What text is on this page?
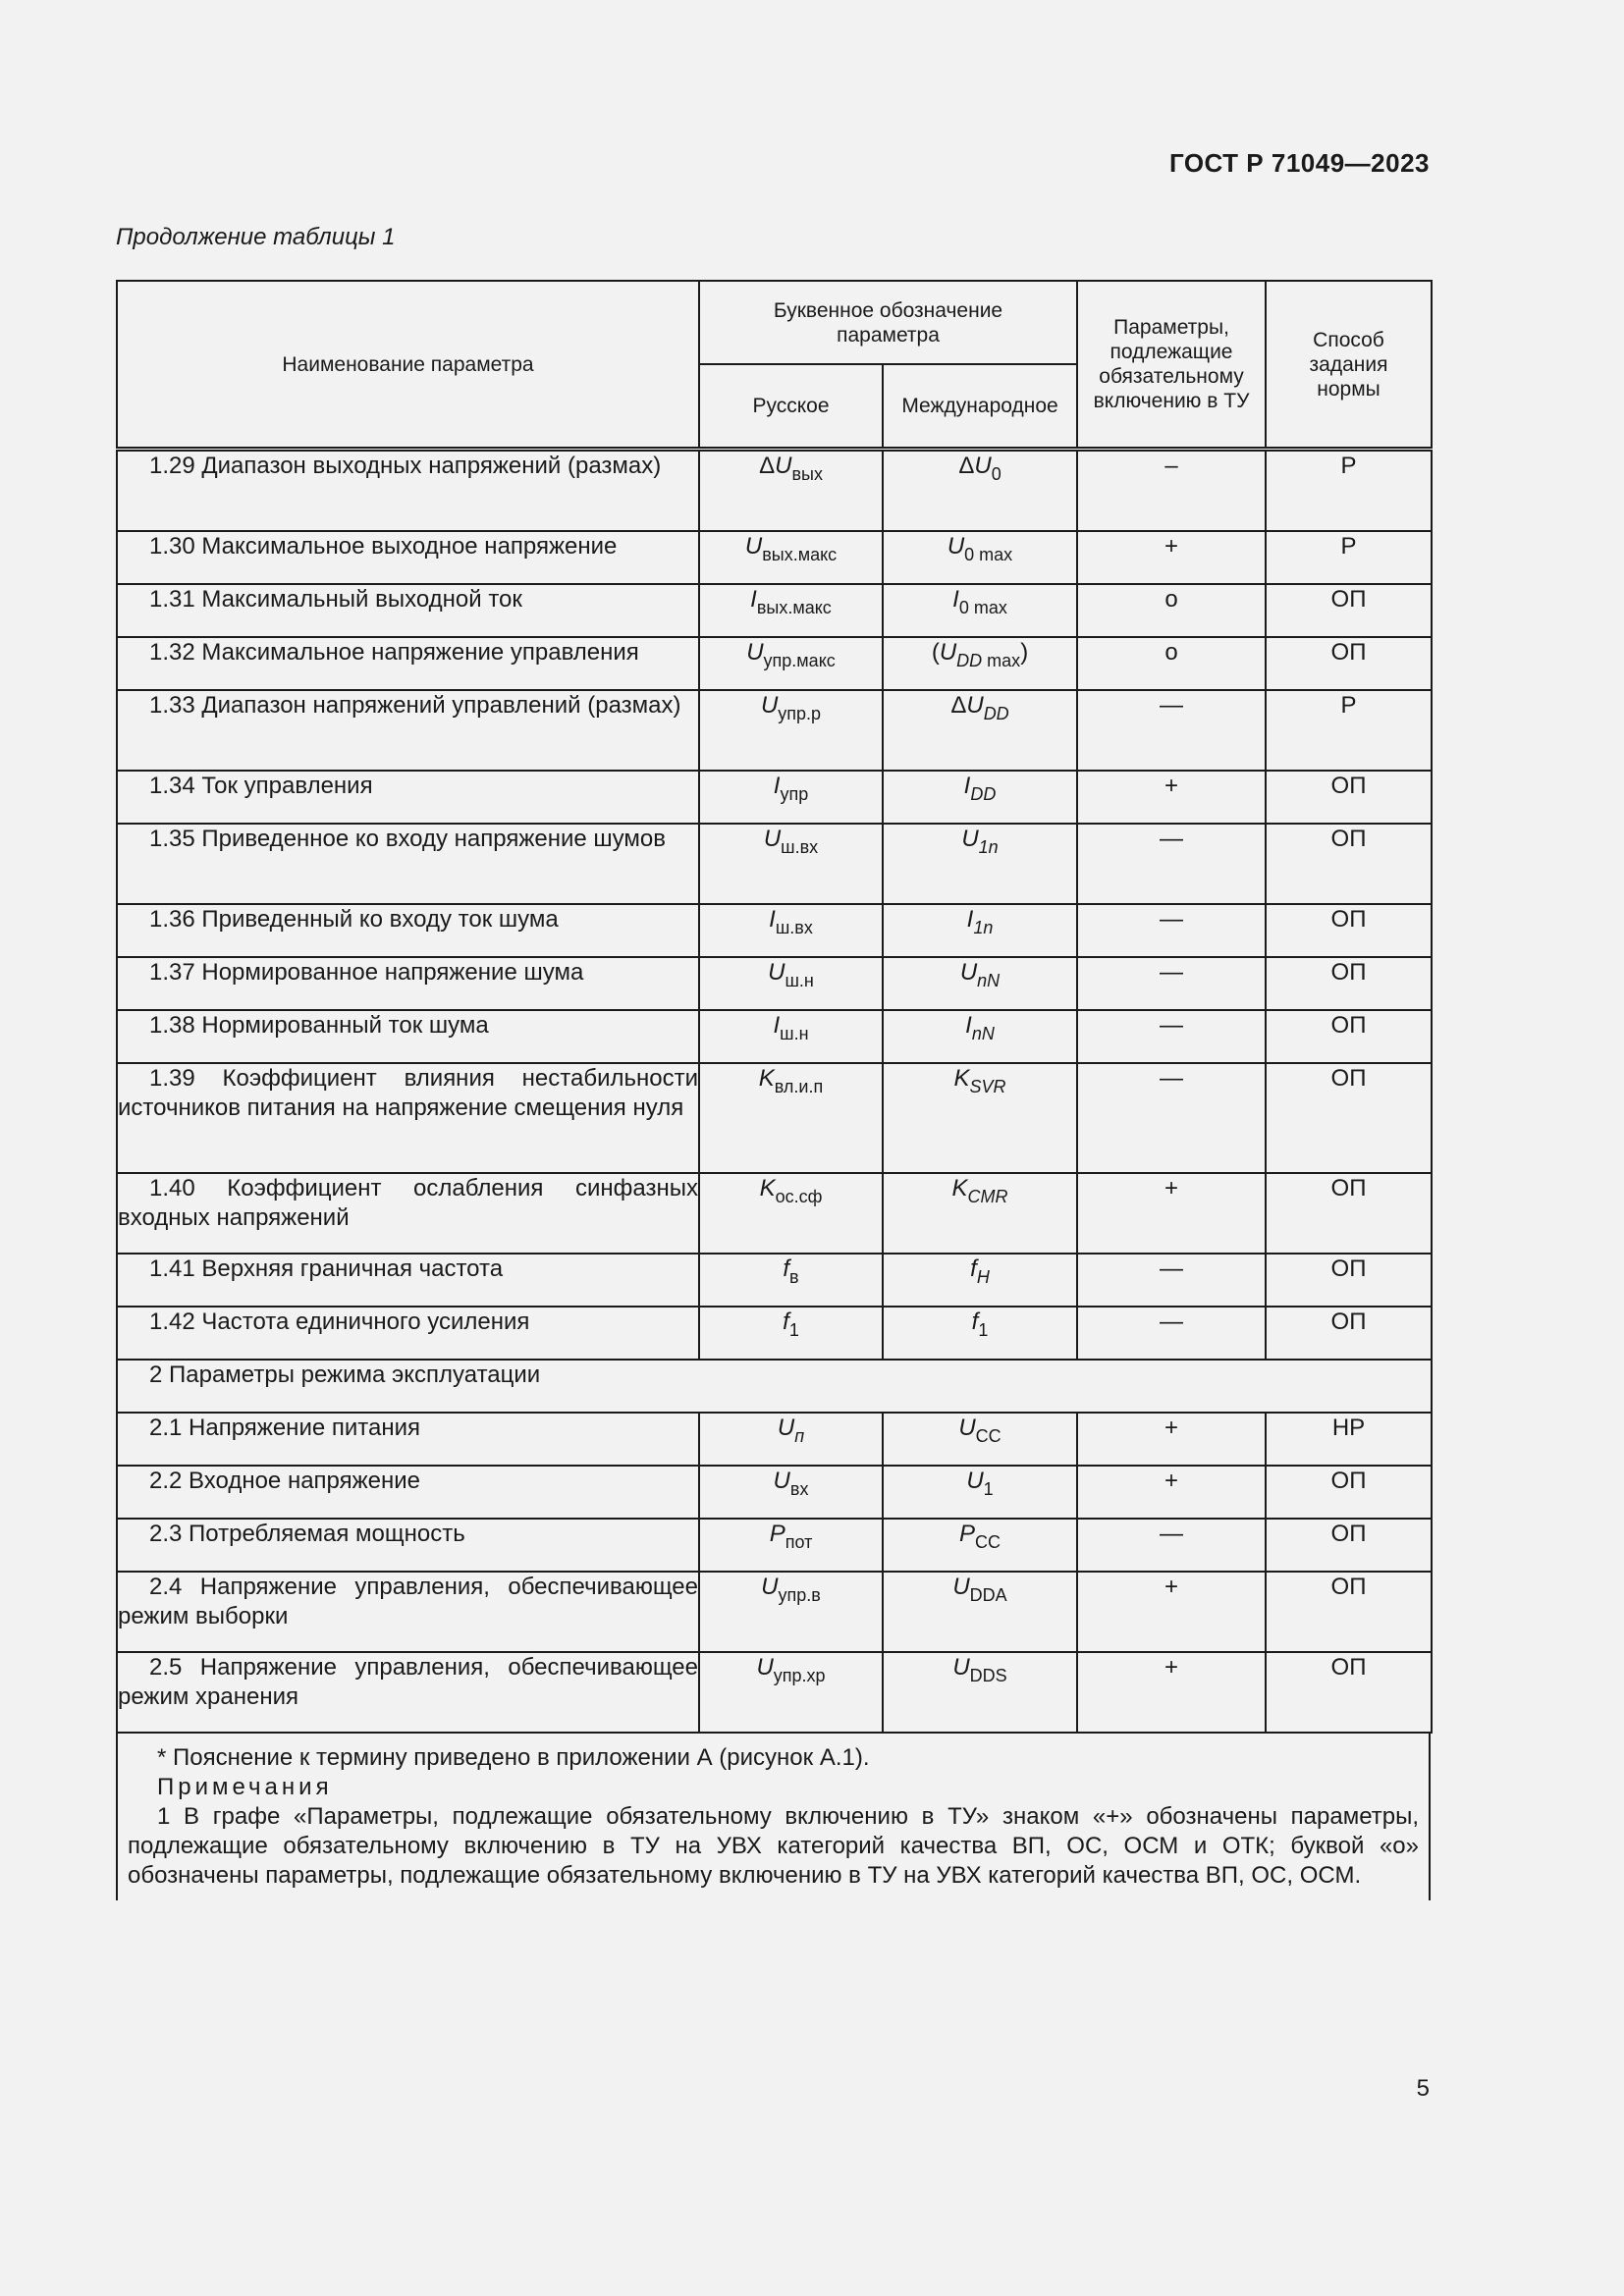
ГОСТ Р 71049—2023
Продолжение таблицы 1
Наименование параметра	Буквенное обозначение параметра		Параметры, подлежащие обязательному включению в ТУ	Способ задания нормы

	Русское	Международное		

1.29 Диапазон выходных напряжений (размах)	$\Delta U_{вых}$	$\Delta U_0$	–	Р

1.30 Максимальное выходное напряжение	$U_{вых.макс}$	$U_{0 max}$	+	Р

1.31 Максимальный выходной ток	$I_{вых.макс}$	$I_{0 max}$	о	ОП

1.32 Максимальное напряжение управления	$U_{упр.макс}$	$(U_{DD max})$	о	ОП

1.33 Диапазон напряжений управлений (размах)	$U_{упр.р}$	$\Delta U_{DD}$	—	Р

1.34 Ток управления	$I_{упр}$	$I_{DD}$	+	ОП

1.35 Приведенное ко входу напряжение шумов	$U_{ш.вх}$	$U_{1n}$	—	ОП

1.36 Приведенный ко входу ток шума	$I_{ш.вх}$	$I_{1n}$	—	ОП

1.37 Нормированное напряжение шума	$U_{ш.н}$	$U_{nN}$	—	ОП

1.38 Нормированный ток шума	$I_{ш.н}$	$I_{nN}$	—	ОП

1.39 Коэффициент влияния нестабильности источников питания на напряжение смещения нуля	$K_{вл.и.п}$	$K_{SVR}$	—	ОП

1.40 Коэффициент ослабления синфазных входных напряжений	$K_{ос.сф}$	$K_{CMR}$	+	ОП

1.41 Верхняя граничная частота	$f_в$	$f_H$	—	ОП

1.42 Частота единичного усиления	$f_1$	$f_1$	—	ОП

2 Параметры режима эксплуатации				

2.1 Напряжение питания	$U_п$	$U_{CC}$	+	НР

2.2 Входное напряжение	$U_{вх}$	$U_1$	+	ОП

2.3 Потребляемая мощность	$P_{пот}$	$P_{CC}$	—	ОП

2.4 Напряжение управления, обеспечивающее режим выборки	$U_{упр.в}$	$U_{DDA}$	+	ОП

2.5 Напряжение управления, обеспечивающее режим хранения	$U_{упр.хр}$	$U_{DDS}$	+	ОП
* Пояснение к термину приведено в приложении А (рисунок А.1).
Примечания
1 В графе «Параметры, подлежащие обязательному включению в ТУ» знаком «+» обозначены параметры, подлежащие обязательному включению в ТУ на УВХ категорий качества ВП, ОС, ОСМ и ОТК; буквой «о» обозначены параметры, подлежащие обязательному включению в ТУ на УВХ категорий качества ВП, ОС, ОСМ.
5
